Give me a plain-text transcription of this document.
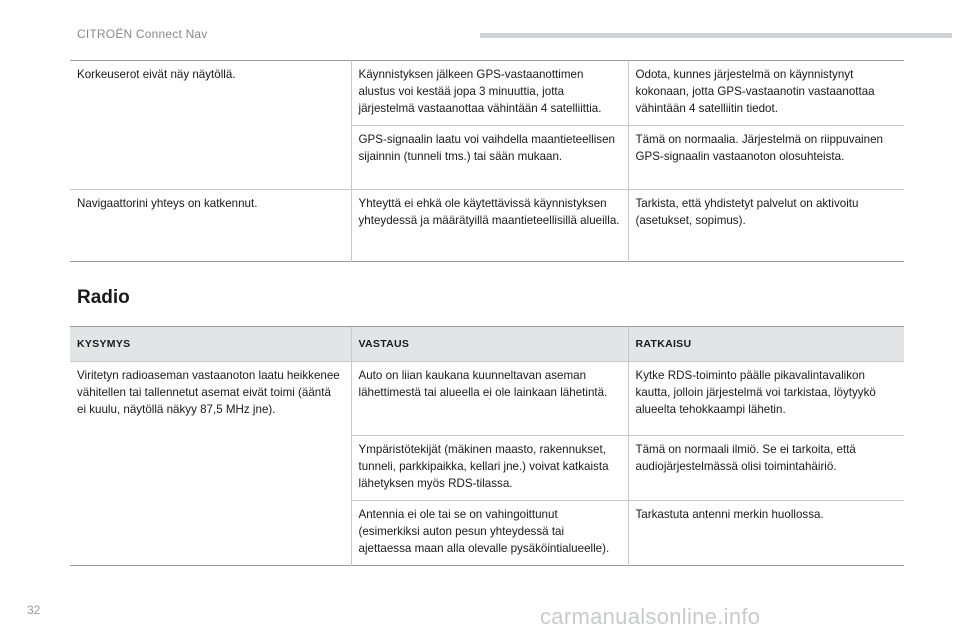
CITROËN Connect Nav
Korkeuserot eivät näy näytöllä.	Käynnistyksen jälkeen GPS-vastaanottimen alustus voi kestää jopa 3 minuuttia, jotta järjestelmä vastaanottaa vähintään 4 satelliittia.	Odota, kunnes järjestelmä on käynnistynyt kokonaan, jotta GPS-vastaanotin vastaanottaa vähintään 4 satelliitin tiedot.
	GPS-signaalin laatu voi vaihdella maantieteellisen sijainnin (tunneli tms.) tai sään mukaan.	Tämä on normaalia. Järjestelmä on riippuvainen GPS-signaalin vastaanoton olosuhteista.
Navigaattorini yhteys on katkennut.	Yhteyttä ei ehkä ole käytettävissä käynnistyksen yhteydessä ja määrätyillä maantieteellisillä alueilla.	Tarkista, että yhdistetyt palvelut on aktivoitu (asetukset, sopimus).
Radio
KYSYMYS	VASTAUS	RATKAISU
Viritetyn radioaseman vastaanoton laatu heikkenee vähitellen tai tallennetut asemat eivät toimi (ääntä ei kuulu, näytöllä näkyy 87,5 MHz jne).	Auto on liian kaukana kuunneltavan aseman lähettimestä tai alueella ei ole lainkaan lähetintä.	Kytke RDS-toiminto päälle pikavalintavalikon kautta, jolloin järjestelmä voi tarkistaa, löytyykö alueelta tehokkaampi lähetin.
	Ympäristötekijät (mäkinen maasto, rakennukset, tunneli, parkkipaikka, kellari jne.) voivat katkaista lähetyksen myös RDS-tilassa.	Tämä on normaali ilmiö. Se ei tarkoita, että audiojärjestelmässä olisi toimintahäiriö.
	Antennia ei ole tai se on vahingoittunut (esimerkiksi auton pesun yhteydessä tai ajettaessa maan alla olevalle pysäköintialueelle).	Tarkastuta antenni merkin huollossa.
32	carmanualsonline.info
